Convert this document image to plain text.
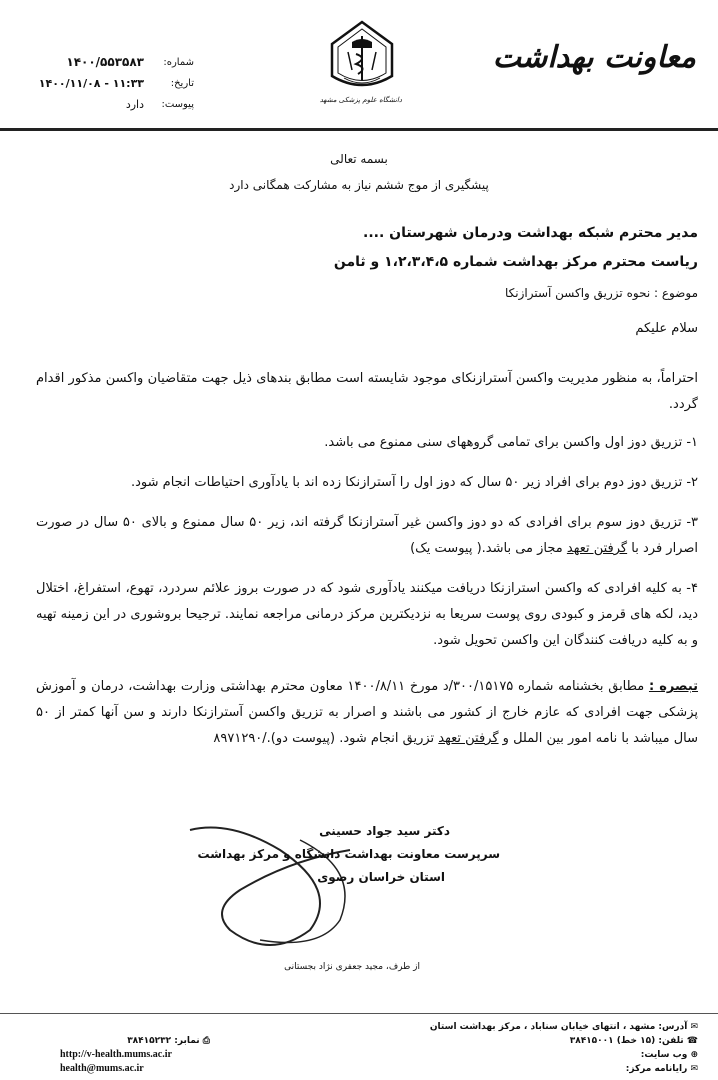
معاونت بهداشت
دانشگاه علوم پزشکی مشهد
شماره:
۱۴۰۰/۵۵۳۵۸۳
تاریخ:
۱۴۰۰/۱۱/۰۸ - ۱۱:۳۳
پیوست:
دارد
بسمه تعالی
پیشگیری از موج ششم نیاز به مشارکت همگانی دارد
مدیر محترم شبکه بهداشت ودرمان شهرستان ....
ریاست محترم مرکز بهداشت شماره ۱،۲،۳،۴،۵ و ثامن
موضوع : نحوه تزریق واکسن آسترازنکا
سلام علیکم
احتراماً، به منظور مدیریت واکسن آسترازنکای موجود شایسته است مطابق بندهای ذیل جهت متقاضیان واکسن مذکور اقدام گردد.
۱- تزریق دوز اول واکسن برای تمامی گروههای سنی ممنوع می باشد.
۲- تزریق دوز دوم برای افراد زیر ۵۰ سال که دوز اول را آسترازنکا زده اند با یادآوری احتیاطات انجام شود.
۳- تزریق دوز سوم برای افرادی که دو دوز واکسن غیر آسترازنکا گرفته اند، زیر ۵۰ سال ممنوع و بالای ۵۰ سال در صورت اصرار فرد با گرفتن تعهد مجاز می باشد.( پیوست یک)
۴- به کلیه افرادی که واکسن استرازنکا دریافت میکنند یادآوری شود که در صورت بروز علائم سردرد، تهوع، استفراغ، اختلال دید، لکه های قرمز و کبودی روی پوست سریعا به نزدیکترین مرکز درمانی مراجعه نمایند. ترجیحا بروشوری در این زمینه تهیه و به کلیه دریافت کنندگان این واکسن تحویل شود.
تبصره : مطابق بخشنامه شماره ۳۰۰/۱۵۱۷۵/د مورخ ۱۴۰۰/۸/۱۱ معاون محترم بهداشتی وزارت بهداشت، درمان و آموزش پزشکی جهت افرادی که عازم خارج از کشور می باشند و اصرار به تزریق واکسن آسترازنکا دارند و سن آنها کمتر از ۵۰ سال میباشد با نامه امور بین الملل و گرفتن تعهد تزریق انجام شود. (پیوست دو)./۸۹۷۱۲۹۰
دکتر سید جواد حسینی
سرپرست معاونت بهداشت دانشگاه و مرکز بهداشت
استان خراسان رضوی
از طرف، مجید جعفری نژاد بجستانی
✉ آدرس: مشهد ، انتهای خیابان سناباد ، مرکز بهداشت استان
☎ تلفن: (۱۵ خط) ۳۸۴۱۵۰۰۱
⊕ وب سایت:
✉ رایانامه مرکز:
⎙ نمابر: ۳۸۴۱۵۲۳۲
http://v-health.mums.ac.ir
health@mums.ac.ir
